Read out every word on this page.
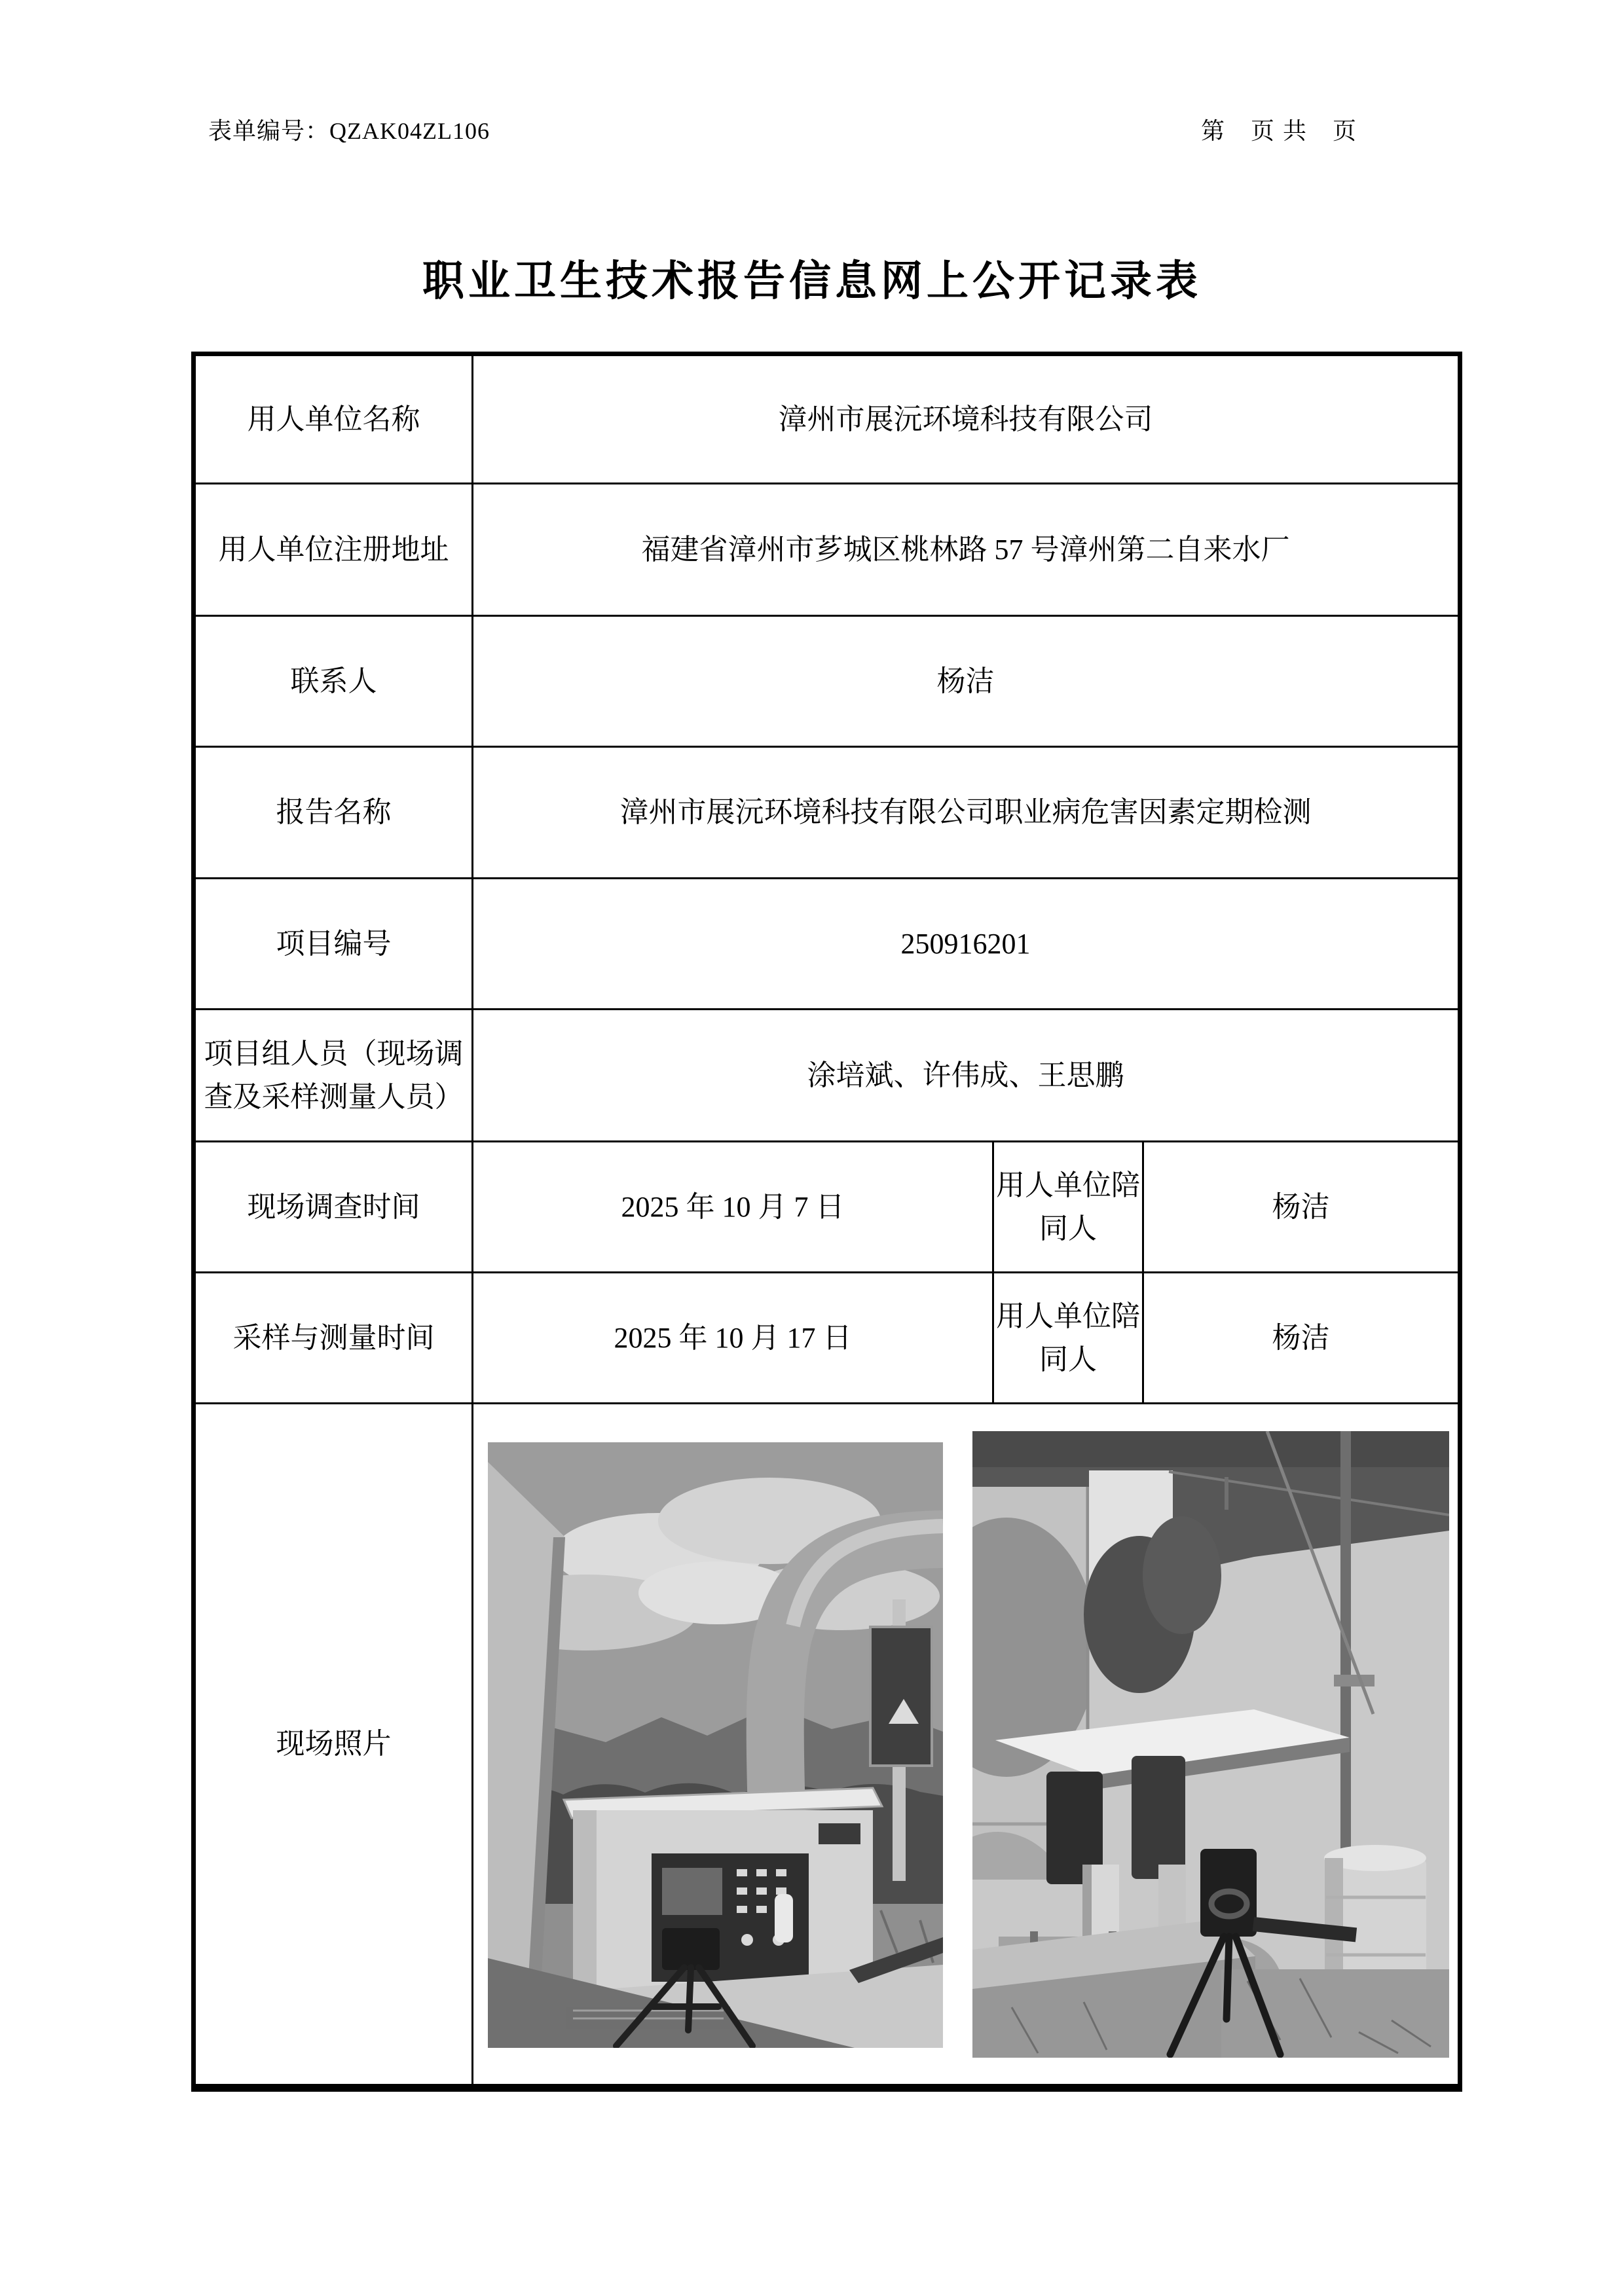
表单编号：QZAK04ZL106	第　页 共　页
职业卫生技术报告信息网上公开记录表
用人单位名称	漳州市展沅环境科技有限公司		
用人单位注册地址	福建省漳州市芗城区桃林路 57 号漳州第二自来水厂		
联系人	杨洁		
报告名称	漳州市展沅环境科技有限公司职业病危害因素定期检测		
项目编号	250916201		
项目组人员（现场调查及采样测量人员）	涂培斌、许伟成、王思鹏		
现场调查时间	2025 年 10 月 7 日	用人单位陪同人	杨洁
采样与测量时间	2025 年 10 月 17 日	用人单位陪同人	杨洁
现场照片	
